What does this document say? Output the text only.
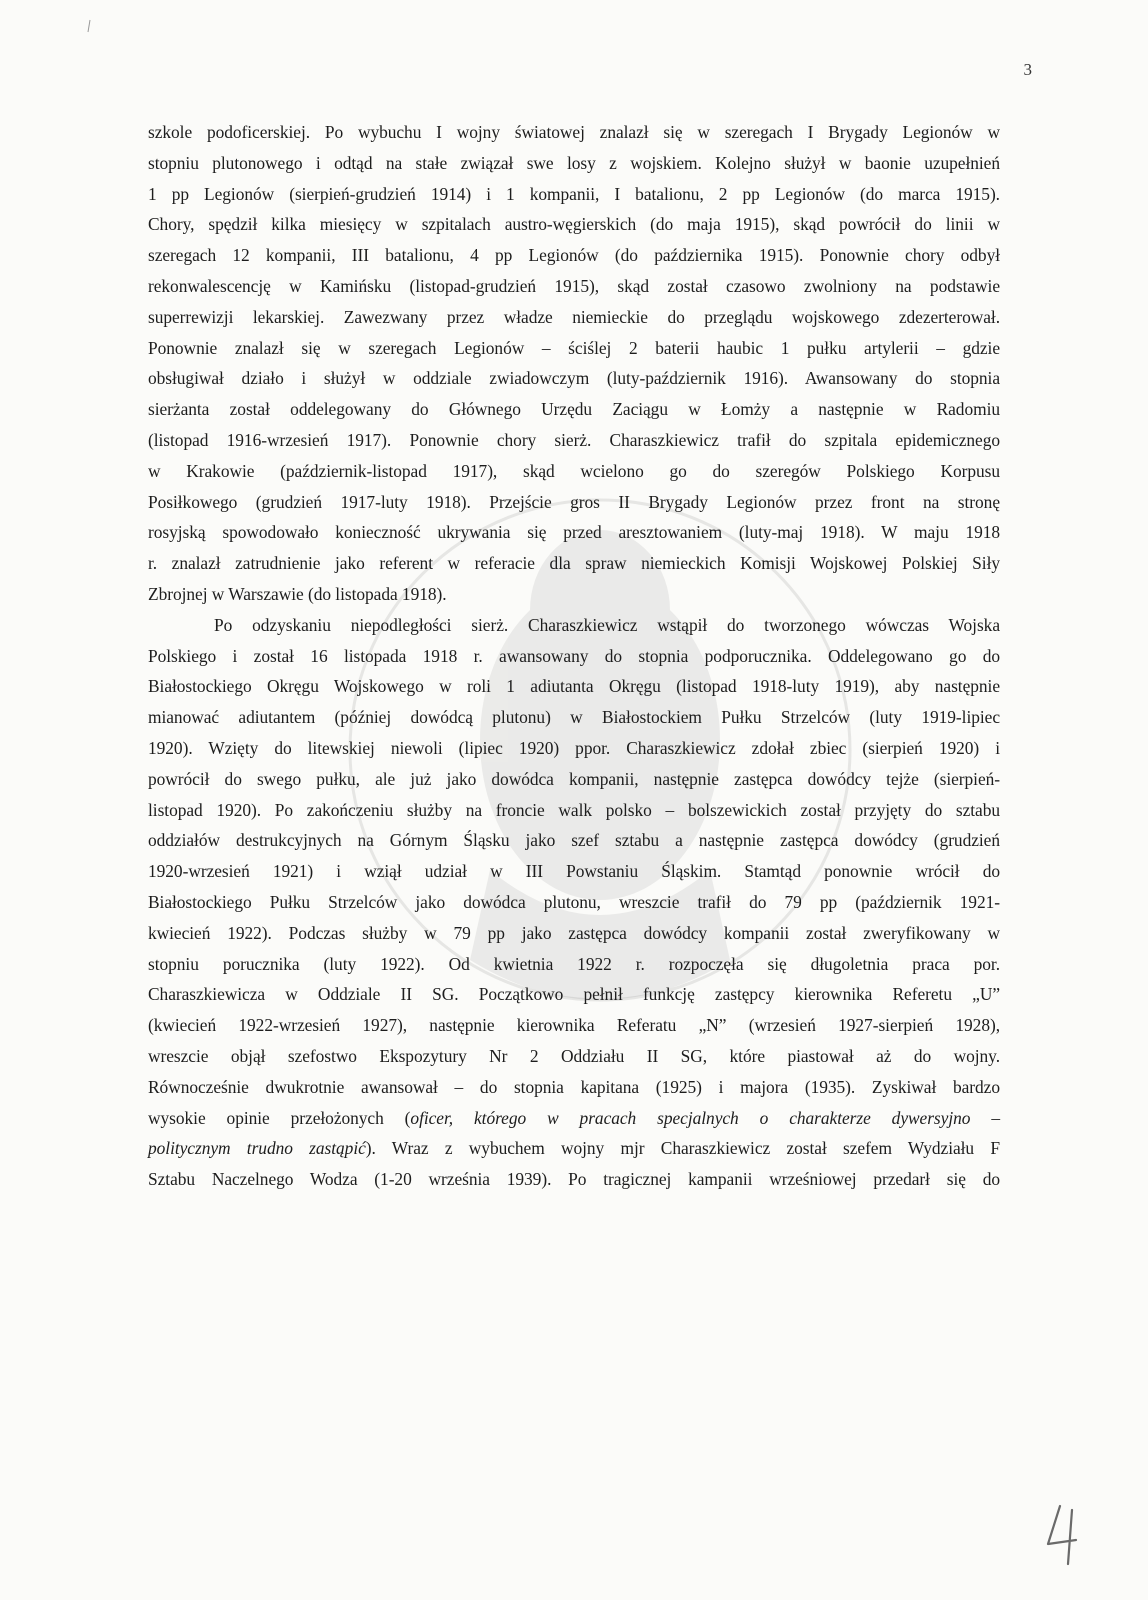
3
szkole podoficerskiej. Po wybuchu I wojny światowej znalazł się w szeregach I Brygady Legionów w
stopniu plutonowego i odtąd na stałe związał swe losy z wojskiem. Kolejno służył w baonie uzupełnień
1 pp Legionów (sierpień-grudzień 1914) i 1 kompanii, I batalionu, 2 pp Legionów (do marca 1915).
Chory, spędził kilka miesięcy w szpitalach austro-węgierskich (do maja 1915), skąd powrócił do linii w
szeregach 12 kompanii, III batalionu, 4 pp Legionów (do października 1915). Ponownie chory odbył
rekonwalescencję w Kamińsku (listopad-grudzień 1915), skąd został czasowo zwolniony na podstawie
superrewizji lekarskiej. Zawezwany przez władze niemieckie do przeglądu wojskowego zdezerterował.
Ponownie znalazł się w szeregach Legionów – ściślej 2 baterii haubic 1 pułku artylerii – gdzie
obsługiwał działo i służył w oddziale zwiadowczym (luty-październik 1916). Awansowany do stopnia
sierżanta został oddelegowany do Głównego Urzędu Zaciągu w Łomży a następnie w Radomiu
(listopad 1916-wrzesień 1917). Ponownie chory sierż. Charaszkiewicz trafił do szpitala epidemicznego
w Krakowie (październik-listopad 1917), skąd wcielono go do szeregów Polskiego Korpusu
Posiłkowego (grudzień 1917-luty 1918). Przejście gros II Brygady Legionów przez front na stronę
rosyjską spowodowało konieczność ukrywania się przed aresztowaniem (luty-maj 1918). W maju 1918
r. znalazł zatrudnienie jako referent w referacie dla spraw niemieckich Komisji Wojskowej Polskiej Siły
Zbrojnej w Warszawie (do listopada 1918).
Po odzyskaniu niepodległości sierż. Charaszkiewicz wstąpił do tworzonego wówczas Wojska
Polskiego i został 16 listopada 1918 r. awansowany do stopnia podporucznika. Oddelegowano go do
Białostockiego Okręgu Wojskowego w roli 1 adiutanta Okręgu (listopad 1918-luty 1919), aby następnie
mianować adiutantem (później dowódcą plutonu) w Białostockiem Pułku Strzelców (luty 1919-lipiec
1920). Wzięty do litewskiej niewoli (lipiec 1920) ppor. Charaszkiewicz zdołał zbiec (sierpień 1920) i
powrócił do swego pułku, ale już jako dowódca kompanii, następnie zastępca dowódcy tejże (sierpień-
listopad 1920). Po zakończeniu służby na froncie walk polsko – bolszewickich został przyjęty do sztabu
oddziałów destrukcyjnych na Górnym Śląsku jako szef sztabu a następnie zastępca dowódcy (grudzień
1920-wrzesień 1921) i wziął udział w III Powstaniu Śląskim. Stamtąd ponownie wrócił do
Białostockiego Pułku Strzelców jako dowódca plutonu, wreszcie trafił do 79 pp (październik 1921-
kwiecień 1922). Podczas służby w 79 pp jako zastępca dowódcy kompanii został zweryfikowany w
stopniu porucznika (luty 1922). Od kwietnia 1922 r. rozpoczęła się długoletnia praca por.
Charaszkiewicza w Oddziale II SG. Początkowo pełnił funkcję zastępcy kierownika Referetu „U”
(kwiecień 1922-wrzesień 1927), następnie kierownika Referatu „N” (wrzesień 1927-sierpień 1928),
wreszcie objął szefostwo Ekspozytury Nr 2 Oddziału II SG, które piastował aż do wojny.
Równocześnie dwukrotnie awansował – do stopnia kapitana (1925) i majora (1935). Zyskiwał bardzo
wysokie opinie przełożonych (oficer, którego w pracach specjalnych o charakterze dywersyjno –
politycznym trudno zastąpić). Wraz z wybuchem wojny mjr Charaszkiewicz został szefem Wydziału F
Sztabu Naczelnego Wodza (1-20 września 1939). Po tragicznej kampanii wrześniowej przedarł się do
